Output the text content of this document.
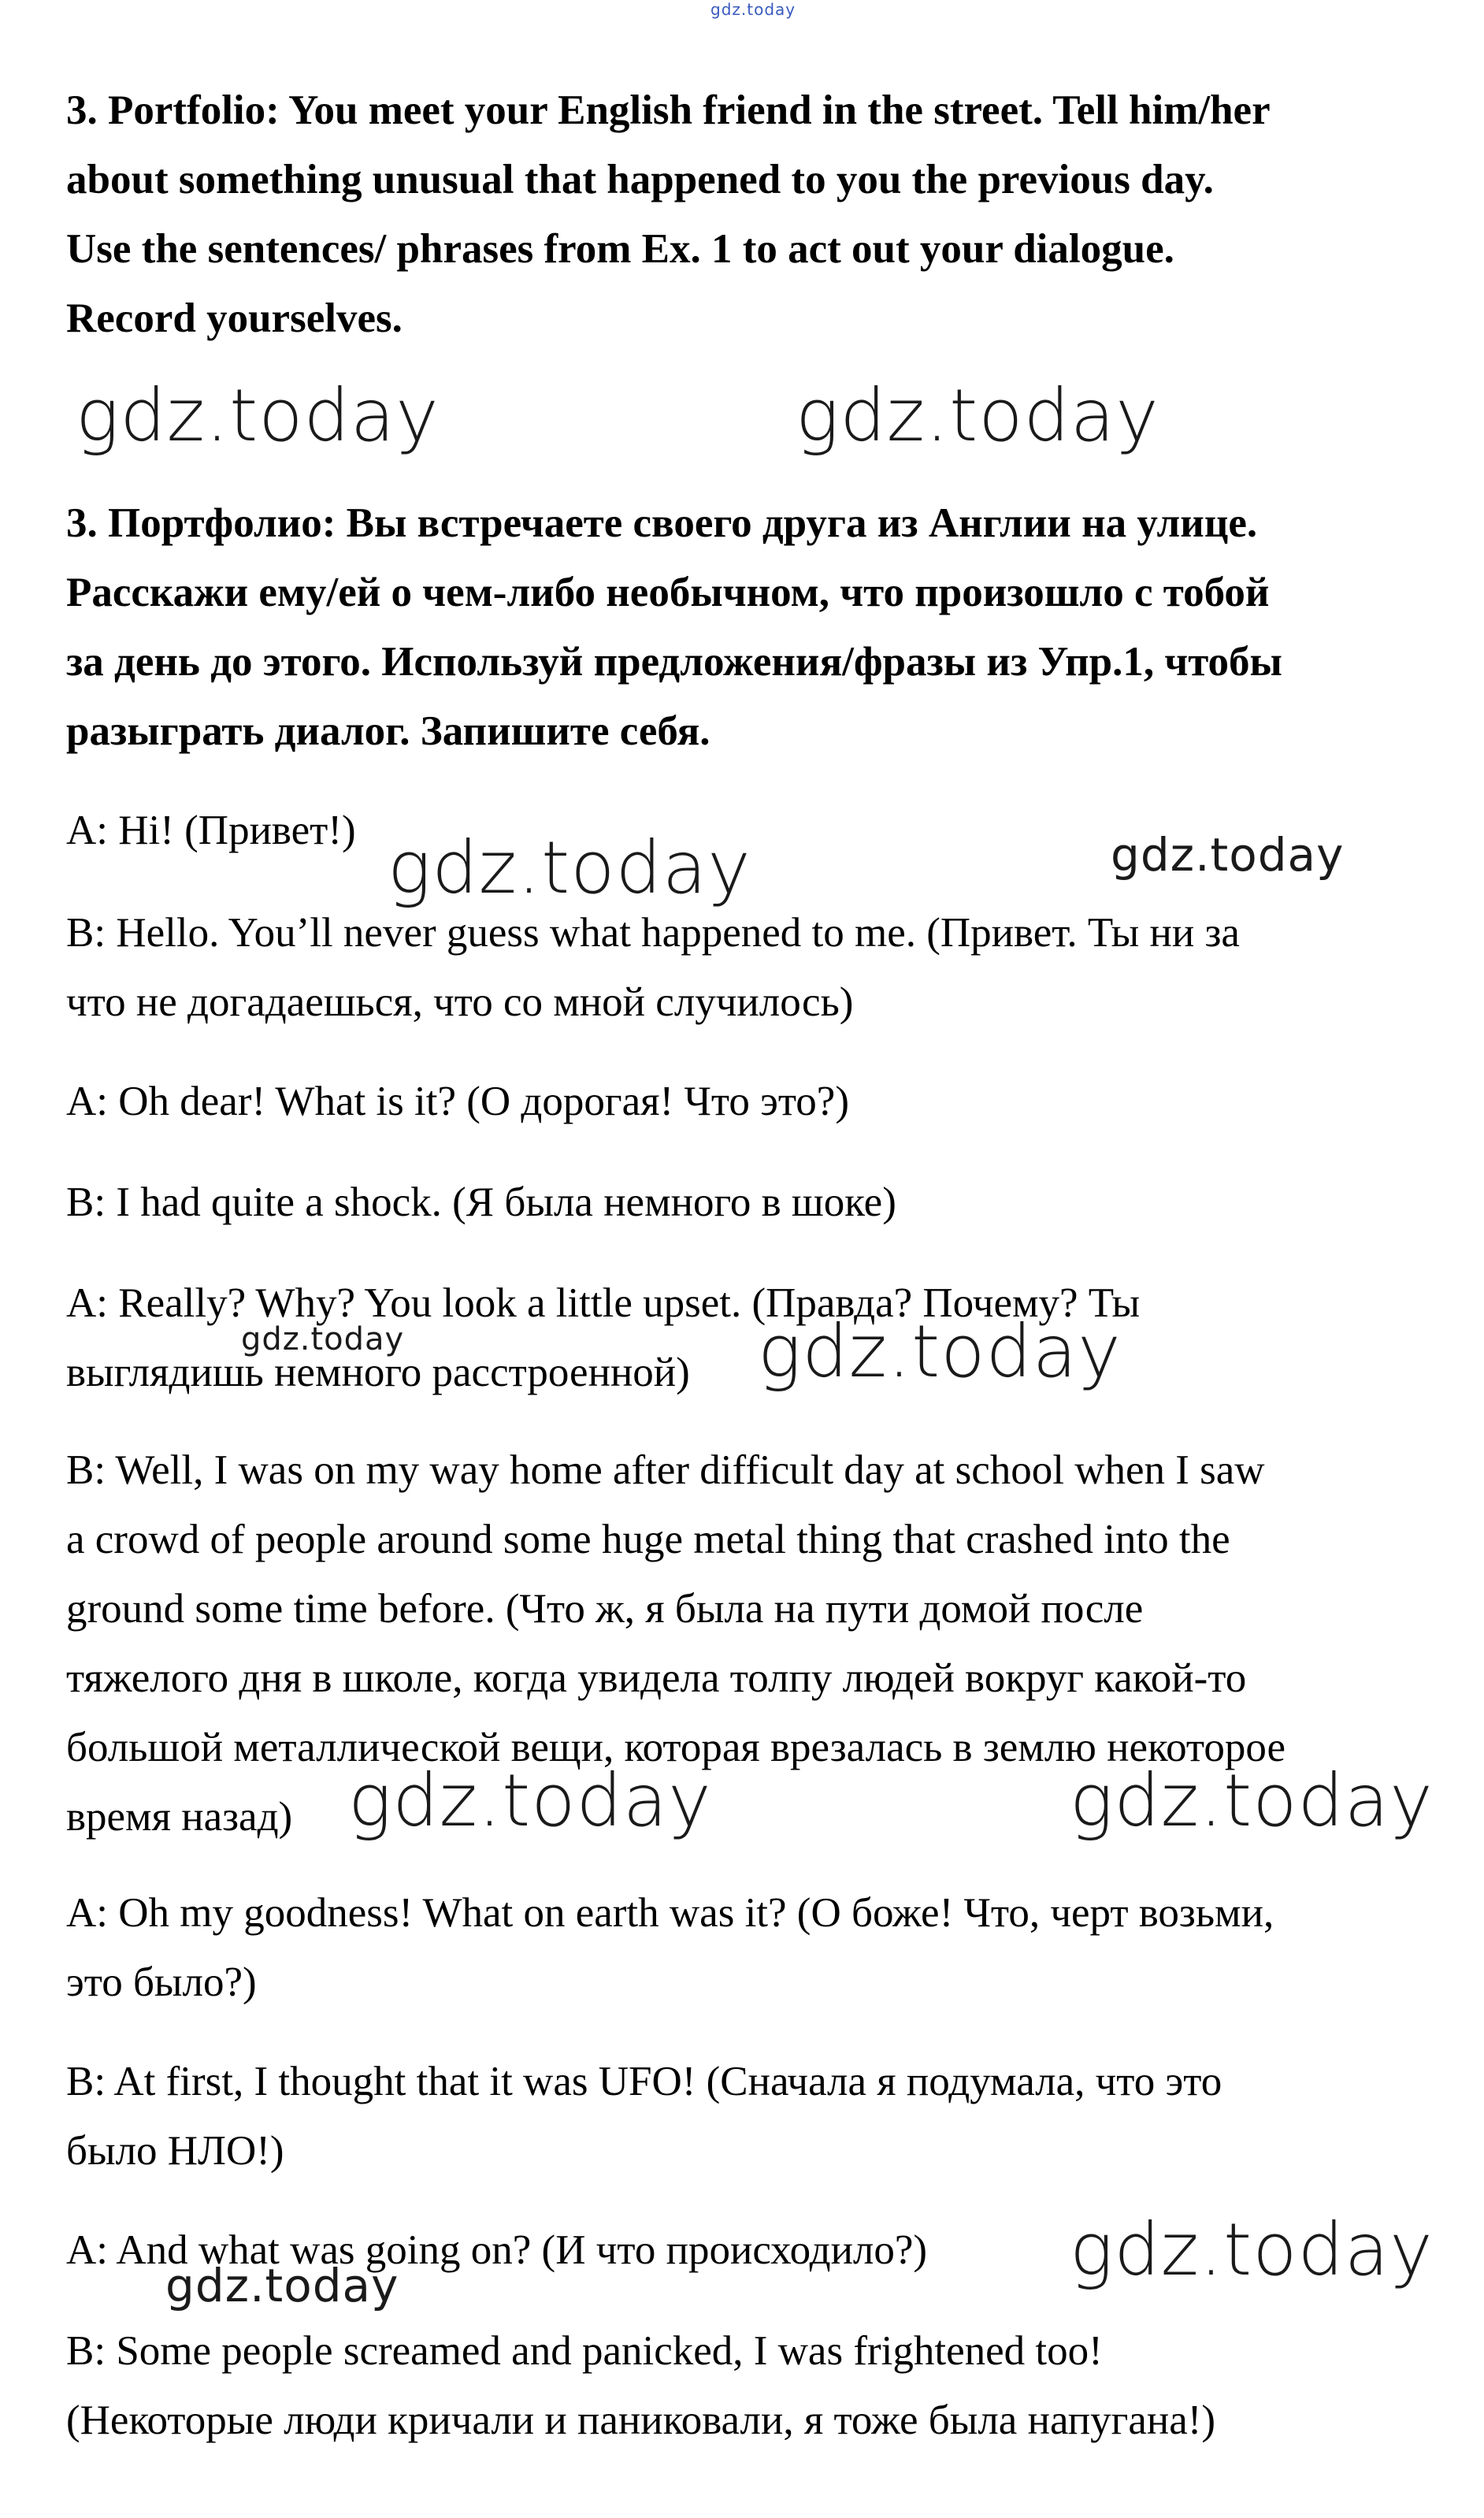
gdz.today
3. Portfolio: You meet your English friend in the street. Tell him/her
about something unusual that happened to you the previous day.
Use the sentences/ phrases from Ex. 1 to act out your dialogue.
Record yourselves.
gdz.today	gdz.today
3. Портфолио: Вы встречаете своего друга из Англии на улице.
Расскажи ему/ей о чем-либо необычном, что произошло с тобой
за день до этого. Используй предложения/фразы из Упр.1, чтобы
разыграть диалог. Запишите себя.
A: Hi! (Привет!) gdz.today	gdz.today
B: Hello. You’ll never guess what happened to me. (Привет. Ты ни за
что не догадаешься, что со мной случилось)
A: Oh dear! What is it? (О дорогая! Что это?)
B: I had quite a shock. (Я была немного в шоке)
A: Really? Why? You look a little upset. (Правда? Почему? Ты
выглядишь немного расстроенной)
gdz.today	gdz.today
B: Well, I was on my way home after difficult day at school when I saw
a crowd of people around some huge metal thing that crashed into the
ground some time before. (Что ж, я была на пути домой после
тяжелого дня в школе, когда увидела толпу людей вокруг какой-то
большой металлической вещи, которая врезалась в землю некоторое
время назад) gdz.today	gdz.today
A: Oh my goodness! What on earth was it? (О боже! Что, черт возьми,
это было?)
B: At first, I thought that it was UFO! (Сначала я подумала, что это
было НЛО!)
A: And what was going on? (И что происходило?)	gdz.today
gdz.today
B: Some people screamed and panicked, I was frightened too!
(Некоторые люди кричали и паниковали, я тоже была напугана!)
